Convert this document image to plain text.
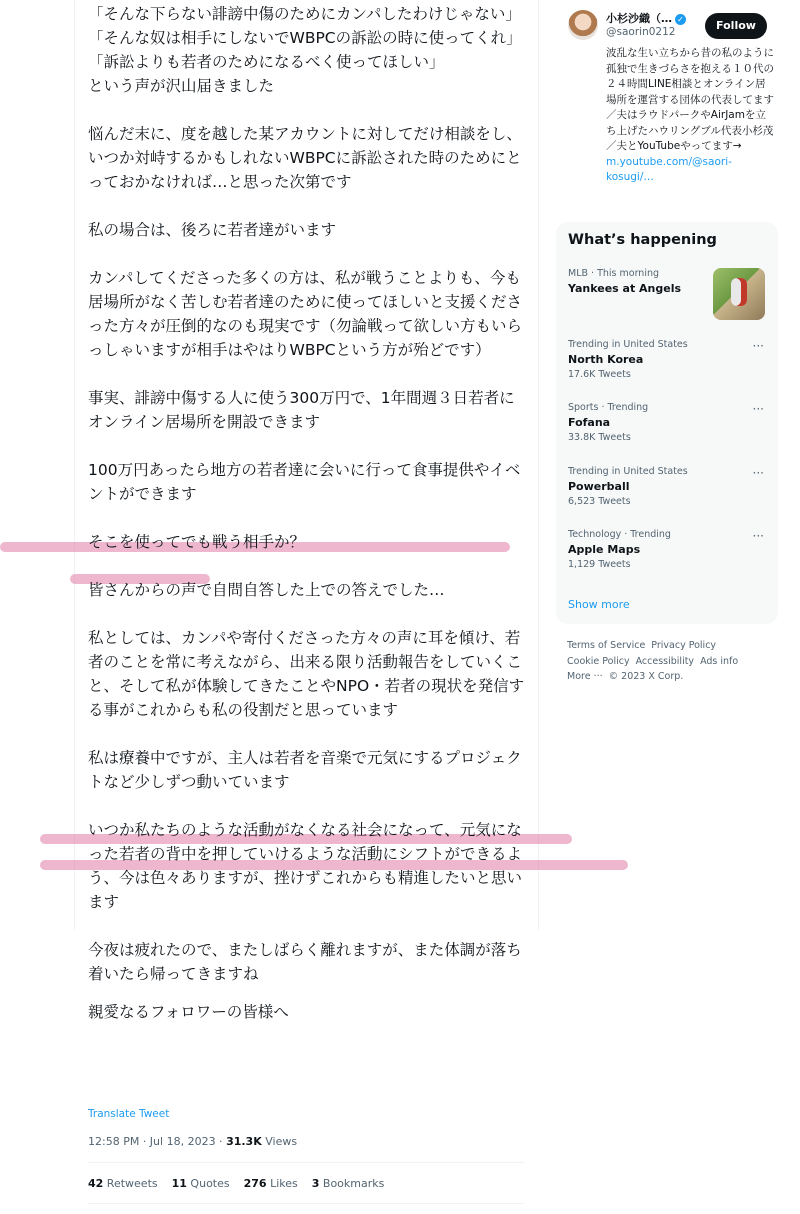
「そんな下らない誹謗中傷のためにカンパしたわけじゃない」
「そんな奴は相手にしないでWBPCの訴訟の時に使ってくれ」
「訴訟よりも若者のためになるべく使ってほしい」
という声が沢山届きました

悩んだ末に、度を越した某アカウントに対してだけ相談をし、いつか対峙するかもしれないWBPCに訴訟された時のためにとっておかなければ…と思った次第です

私の場合は、後ろに若者達がいます

カンパしてくださった多くの方は、私が戦うことよりも、今も居場所がなく苦しむ若者達のために使ってほしいと支援くださった方々が圧倒的なのも現実です（勿論戦って欲しい方もいらっしゃいますが相手はやはりWBPCという方が殆どです）

事実、誹謗中傷する人に使う300万円で、1年間週３日若者にオンライン居場所を開設できます

100万円あったら地方の若者達に会いに行って食事提供やイベントができます

そこを使ってでも戦う相手か？

皆さんからの声で自問自答した上での答えでした…

私としては、カンパや寄付くださった方々の声に耳を傾け、若者のことを常に考えながら、出来る限り活動報告をしていくこと、そして私が体験してきたことやNPO・若者の現状を発信する事がこれからも私の役割だと思っています

私は療養中ですが、主人は若者を音楽で元気にするプロジェクトなど少しずつ動いています

いつか私たちのような活動がなくなる社会になって、元気になった若者の背中を押していけるような活動にシフトができるよう、今は色々ありますが、挫けずこれからも精進したいと思います

今夜は疲れたので、またしばらく離れますが、また体調が落ち着いたら帰ってきますね

親愛なるフォロワーの皆様へ

Translate Tweet
12:58 PM · Jul 18, 2023 · 31.3K Views
42 Retweets 11 Quotes 276 Likes 3 Bookmarks
小杉沙織（… ✓
@saorin0212	Follow
波乱な生い立ちから昔の私のように孤独で生きづらさを抱える１０代の２４時間LINE相談とオンライン居場所を運営する団体の代表してます／夫はラウドパークやAirJamを立ち上げたハウリングブル代表小杉茂／夫とYouTubeやってます→
m.youtube.com/@saori-kosugi/…
What’s happening
MLB · This morning
Yankees at Angels
Trending in United States
North Korea
17.6K Tweets
···
Sports · Trending
Fofana
33.8K Tweets
···
Trending in United States
Powerball
6,523 Tweets
···
Technology · Trending
Apple Maps
1,129 Tweets
···
Show more
Terms of Service Privacy Policy
Cookie Policy Accessibility Ads info
More ··· © 2023 X Corp.
